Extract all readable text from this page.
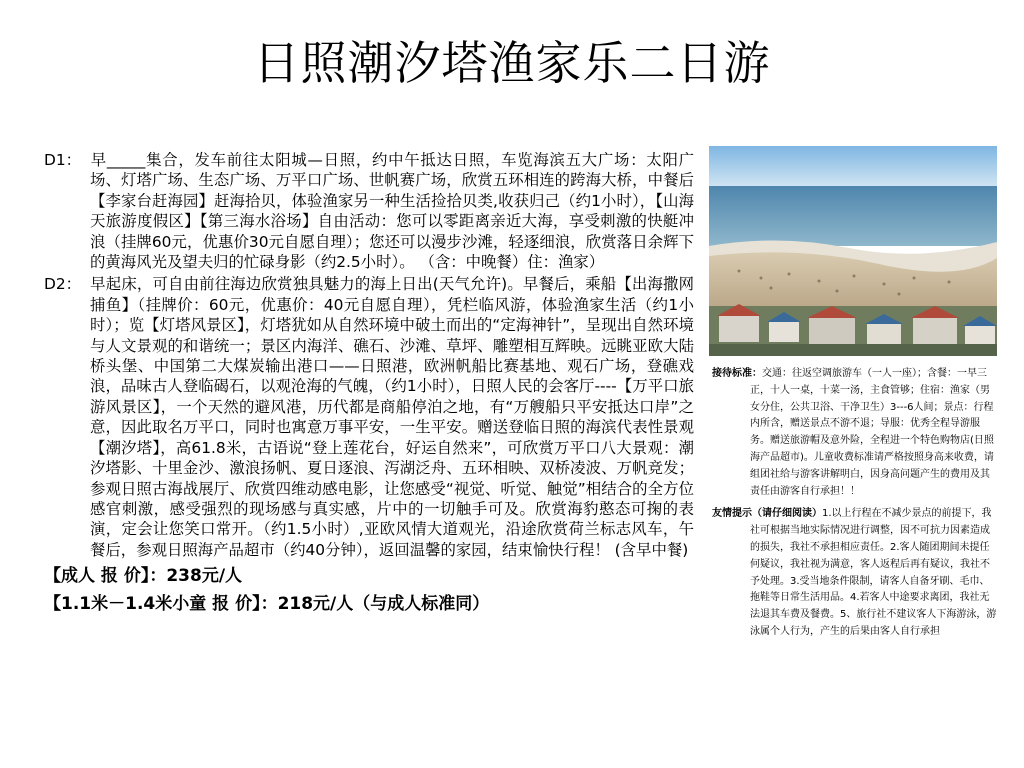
日照潮汐塔渔家乐二日游

D1： 早_____集合，发车前往太阳城—日照，约中午抵达日照，车览海滨五大广场：太阳广场、灯塔广场、生态广场、万平口广场、世帆赛广场，欣赏五环相连的跨海大桥，中餐后【李家台赶海园】赶海拾贝，体验渔家另一种生活捡拾贝类,收获归己（约1小时），【山海天旅游度假区】【第三海水浴场】自由活动：您可以零距离亲近大海，享受刺激的快艇冲浪（挂牌60元，优惠价30元自愿自理）；您还可以漫步沙滩，轻逐细浪，欣赏落日余辉下的黄海风光及望夫归的忙碌身影（约2.5小时）。 （含：中晚餐）住：渔家）

D2： 早起床，可自由前往海边欣赏独具魅力的海上日出(天气允许)。早餐后，乘船【出海撒网捕鱼】（挂牌价：60元，优惠价：40元自愿自理），凭栏临风游，体验渔家生活（约1小时）；览【灯塔风景区】，灯塔犹如从自然环境中破土而出的“定海神针”，呈现出自然环境与人文景观的和谐统一；景区内海洋、礁石、沙滩、草坪、雕塑相互辉映。远眺亚欧大陆桥头堡、中国第二大煤炭输出港口——日照港，欧洲帆船比赛基地、观石广场，登礁戏浪，品味古人登临碣石，以观沧海的气魄，（约1小时），日照人民的会客厅----【万平口旅游风景区】，一个天然的避风港，历代都是商船停泊之地，有“万艘船只平安抵达口岸”之意，因此取名万平口，同时也寓意万事平安，一生平安。赠送登临日照的海滨代表性景观【潮汐塔】，高61.8米，古语说“登上莲花台，好运自然来”，可欣赏万平口八大景观：潮汐塔影、十里金沙、激浪扬帆、夏日逐浪、泻湖泛舟、五环相映、双桥凌波、万帆竞发；参观日照古海战展厅、欣赏四维动感电影，让您感受“视觉、听觉、触觉”相结合的全方位感官刺激，感受强烈的现场感与真实感，片中的一切触手可及。欣赏海豹憨态可掬的表演，定会让您笑口常开。（约1.5小时）,亚欧风情大道观光，沿途欣赏荷兰标志风车，午餐后，参观日照海产品超市（约40分钟），返回温馨的家园，结束愉快行程！ (含早中餐)

【成人 报 价】：238元/人
【1.1米－1.4米小童 报 价】：218元/人（与成人标准同）

接待标准：交通：往返空调旅游车（一人一座）；含餐：一早三正，十人一桌，十菜一汤，主食管够；住宿：渔家（男女分住，公共卫浴、干净卫生）3---6人间；景点：行程内所含，赠送景点不游不退；导服：优秀全程导游服务。赠送旅游帽及意外险，全程进一个特色购物店(日照海产品超市)。儿童收费标准请严格按照身高来收费，请组团社给与游客讲解明白，因身高问题产生的费用及其责任由游客自行承担！！

友情提示（请仔细阅读）1.以上行程在不减少景点的前提下，我社可根据当地实际情况进行调整，因不可抗力因素造成的损失，我社不承担相应责任。2.客人随团期间未提任何疑议，我社视为满意，客人返程后再有疑议，我社不予处理。3.受当地条件限制，请客人自备牙刷、毛巾、拖鞋等日常生活用品。4.若客人中途要求离团，我社无法退其车费及餐费。5、旅行社不建议客人下海游泳，游泳属个人行为，产生的后果由客人自行承担
